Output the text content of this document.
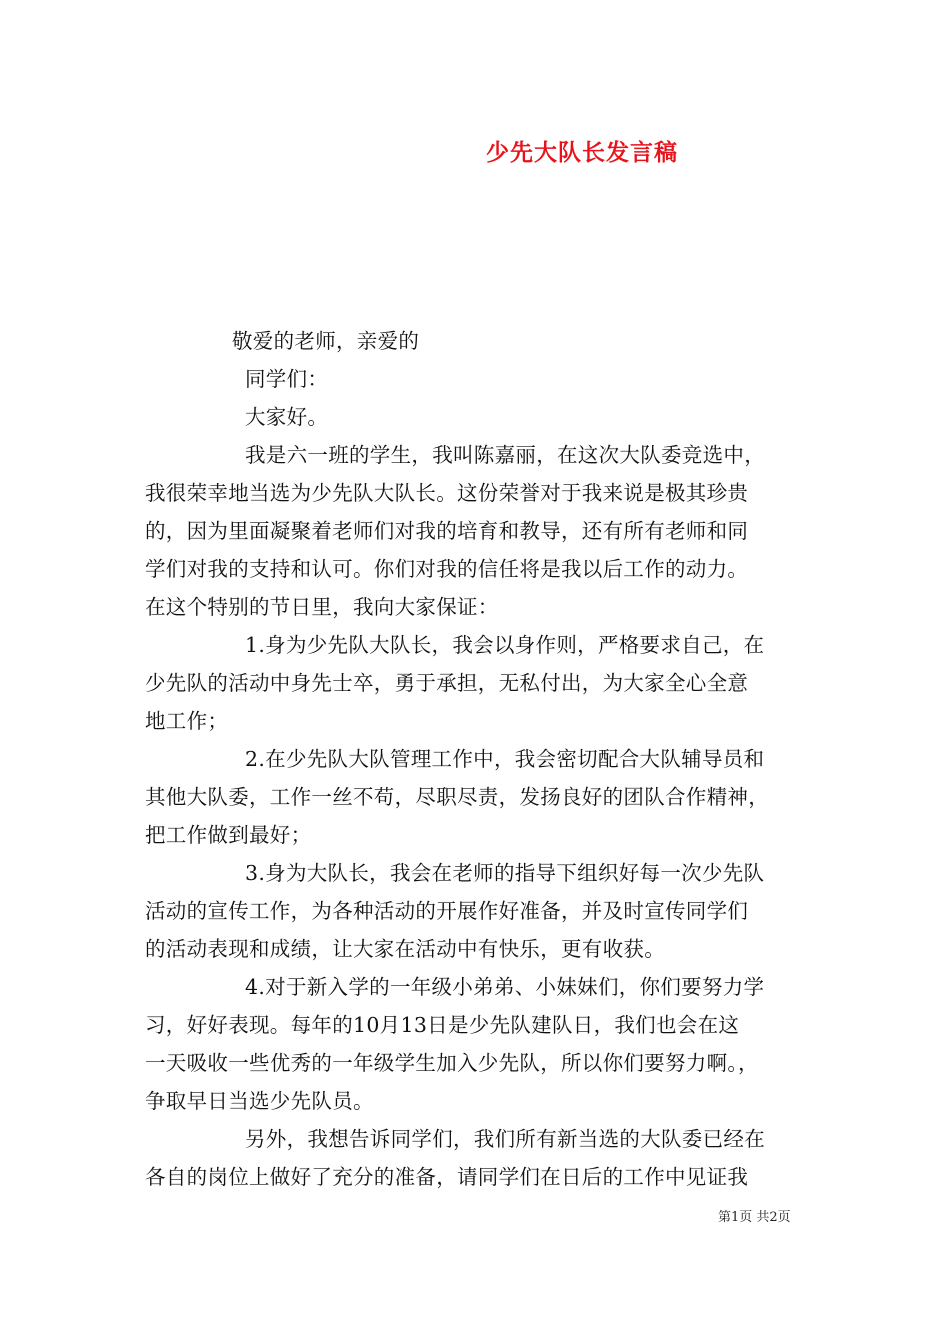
少先大队长发言稿
敬爱的老师，亲爱的
同学们：
大家好。
我是六一班的学生，我叫陈嘉丽，在这次大队委竞选中，
我很荣幸地当选为少先队大队长。这份荣誉对于我来说是极其珍贵
的，因为里面凝聚着老师们对我的培育和教导，还有所有老师和同
学们对我的支持和认可。你们对我的信任将是我以后工作的动力。
在这个特别的节日里，我向大家保证：
1.身为少先队大队长，我会以身作则，严格要求自己，在
少先队的活动中身先士卒，勇于承担，无私付出，为大家全心全意
地工作；
2.在少先队大队管理工作中，我会密切配合大队辅导员和
其他大队委，工作一丝不苟，尽职尽责，发扬良好的团队合作精神，
把工作做到最好；
3.身为大队长，我会在老师的指导下组织好每一次少先队
活动的宣传工作，为各种活动的开展作好准备，并及时宣传同学们
的活动表现和成绩，让大家在活动中有快乐，更有收获。
4.对于新入学的一年级小弟弟、小妹妹们，你们要努力学
习，好好表现。每年的10月13日是少先队建队日，我们也会在这
一天吸收一些优秀的一年级学生加入少先队，所以你们要努力啊。，
争取早日当选少先队员。
另外，我想告诉同学们，我们所有新当选的大队委已经在
各自的岗位上做好了充分的准备，请同学们在日后的工作中见证我
第1页 共2页
